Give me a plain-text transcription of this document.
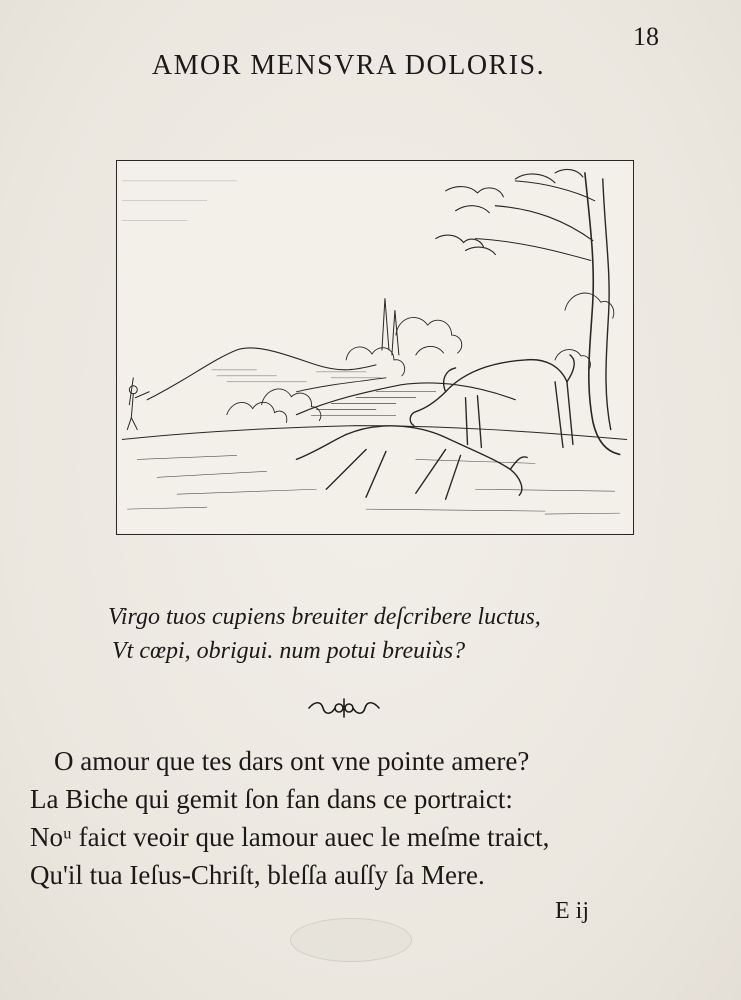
18
AMOR MENSVRA DOLORIS.
Virgo tuos cupiens breuiter deſcribere luctus,
Vt cœpi, obrigui. num potui breuiùs?
O amour que tes dars ont vne pointe amere?
La Biche qui gemit ſon fan dans ce portraict:
Noᵘ faict veoir que lamour auec le meſme traict,
Qu'il tua Ieſus-Chriſt, bleſſa auſſy ſa Mere.
E ij
